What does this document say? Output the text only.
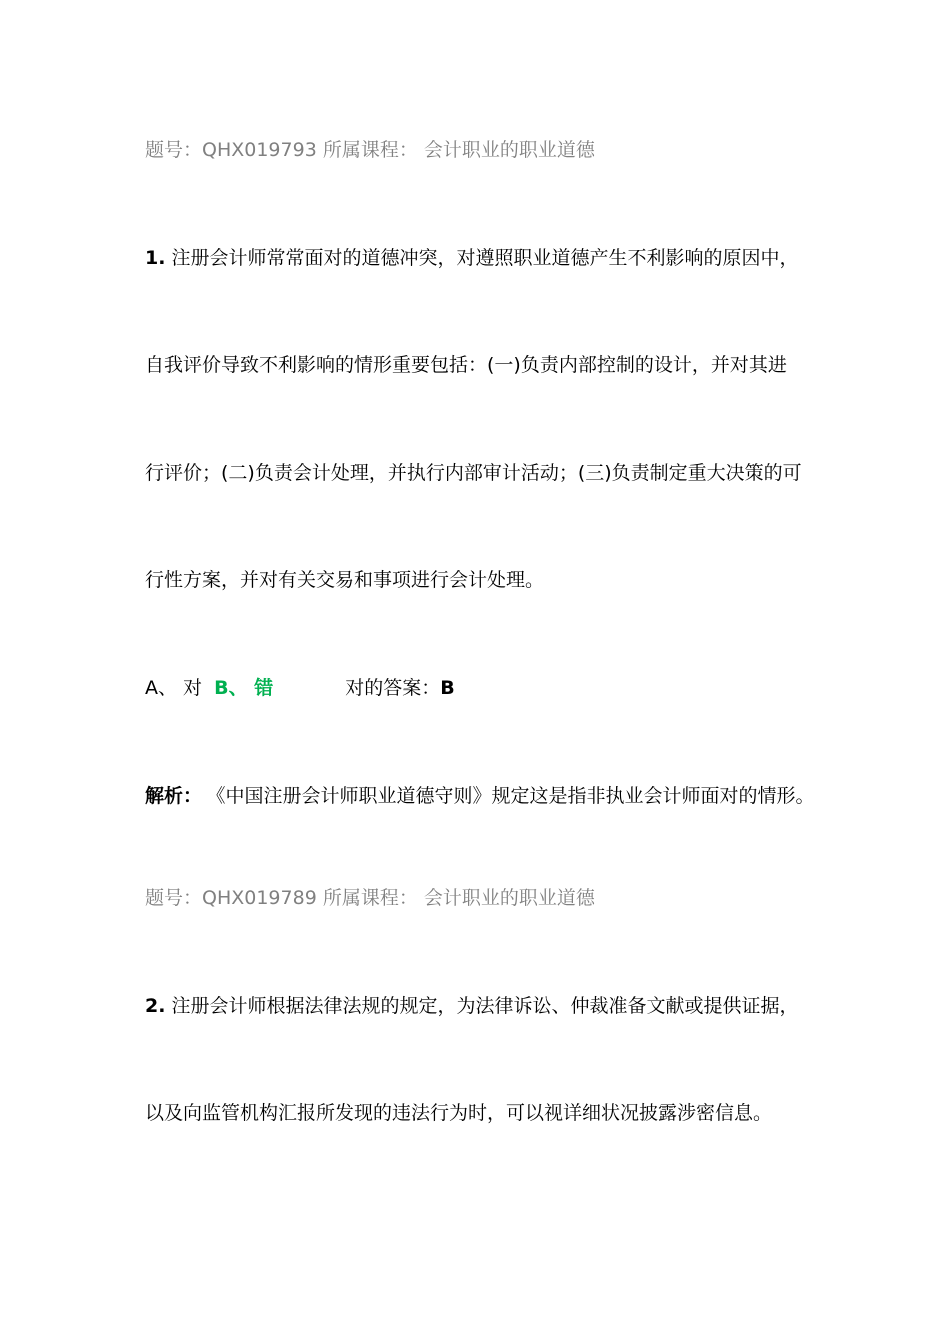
题号：QHX019793 所属课程： 会计职业的职业道德
1. 注册会计师常常面对的道德冲突，对遵照职业道德产生不利影响的原因中，
自我评价导致不利影响的情形重要包括：(一)负责内部控制的设计，并对其进
行评价；(二)负责会计处理，并执行内部审计活动；(三)负责制定重大决策的可
行性方案，并对有关交易和事项进行会计处理。
A、 对 B、 错	对的答案：B
解析： 《中国注册会计师职业道德守则》规定这是指非执业会计师面对的情形。
题号：QHX019789 所属课程： 会计职业的职业道德
2. 注册会计师根据法律法规的规定，为法律诉讼、仲裁准备文献或提供证据，
以及向监管机构汇报所发现的违法行为时，可以视详细状况披露涉密信息。
